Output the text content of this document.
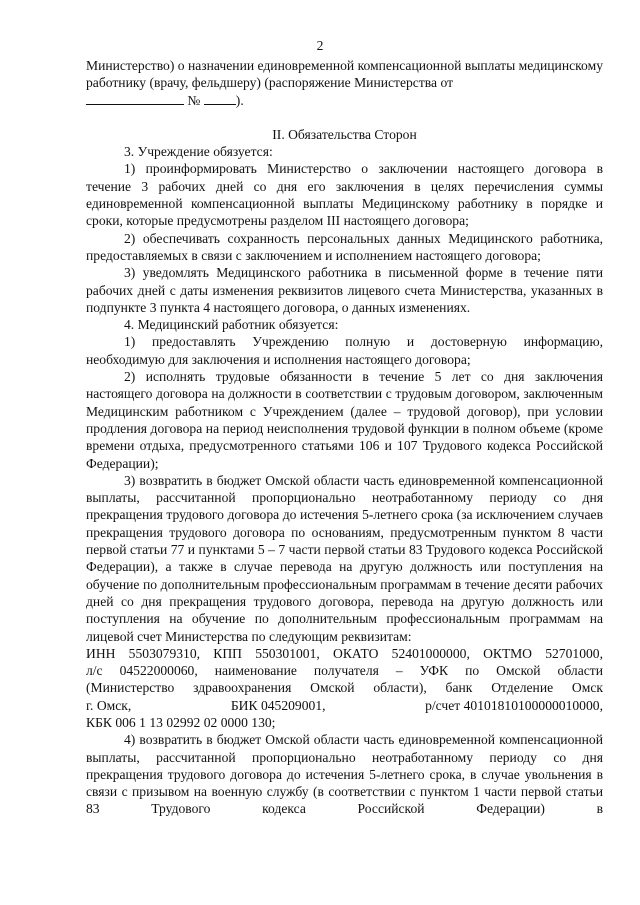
2

Министерство) о назначении единовременной компенсационной выплаты медицинскому работнику (врачу, фельдшеру) (распоряжение Министерства от
№	).

II. Обязательства Сторон

3. Учреждение обязуется:

1) проинформировать Министерство о заключении настоящего договора в течение 3 рабочих дней со дня его заключения в целях перечисления суммы единовременной компенсационной выплаты Медицинскому работнику в порядке и сроки, которые предусмотрены разделом III настоящего договора;

2) обеспечивать сохранность персональных данных Медицинского работника, предоставляемых в связи с заключением и исполнением настоящего договора;

3) уведомлять Медицинского работника в письменной форме в течение пяти рабочих дней с даты изменения реквизитов лицевого счета Министерства, указанных в подпункте 3 пункта 4 настоящего договора, о данных изменениях.

4. Медицинский работник обязуется:

1) предоставлять Учреждению полную и достоверную информацию, необходимую для заключения и исполнения настоящего договора;

2) исполнять трудовые обязанности в течение 5 лет со дня заключения настоящего договора на должности в соответствии с трудовым договором, заключенным Медицинским работником с Учреждением (далее – трудовой договор), при условии продления договора на период неисполнения трудовой функции в полном объеме (кроме времени отдыха, предусмотренного статьями 106 и 107 Трудового кодекса Российской Федерации);

3) возвратить в бюджет Омской области часть единовременной компенсационной выплаты, рассчитанной пропорционально неотработанному периоду со дня прекращения трудового договора до истечения 5-летнего срока (за исключением случаев прекращения трудового договора по основаниям, предусмотренным пунктом 8 части первой статьи 77 и пунктами 5 – 7 части первой статьи 83 Трудового кодекса Российской Федерации), а также в случае перевода на другую должность или поступления на обучение по дополнительным профессиональным программам в течение десяти рабочих дней со дня прекращения трудового договора, перевода на другую должность или поступления на обучение по дополнительным профессиональным программам на лицевой счет Министерства по следующим реквизитам:

ИНН 5503079310, КПП 550301001, ОКАТО 52401000000, ОКТМО 52701000,

л/с 04522000060, наименование получателя – УФК по Омской области

(Министерство здравоохранения Омской области), банк Отделение Омск

г. Омск,	БИК 045209001,	р/счет 40101810100000010000,

КБК 006 1 13 02992 02 0000 130;

4) возвратить в бюджет Омской области часть единовременной компенсационной выплаты, рассчитанной пропорционально неотработанному периоду со дня прекращения трудового договора до истечения 5-летнего срока, в случае увольнения в связи с призывом на военную службу (в соответствии с пунктом 1 части первой статьи 83 Трудового кодекса Российской Федерации) в
